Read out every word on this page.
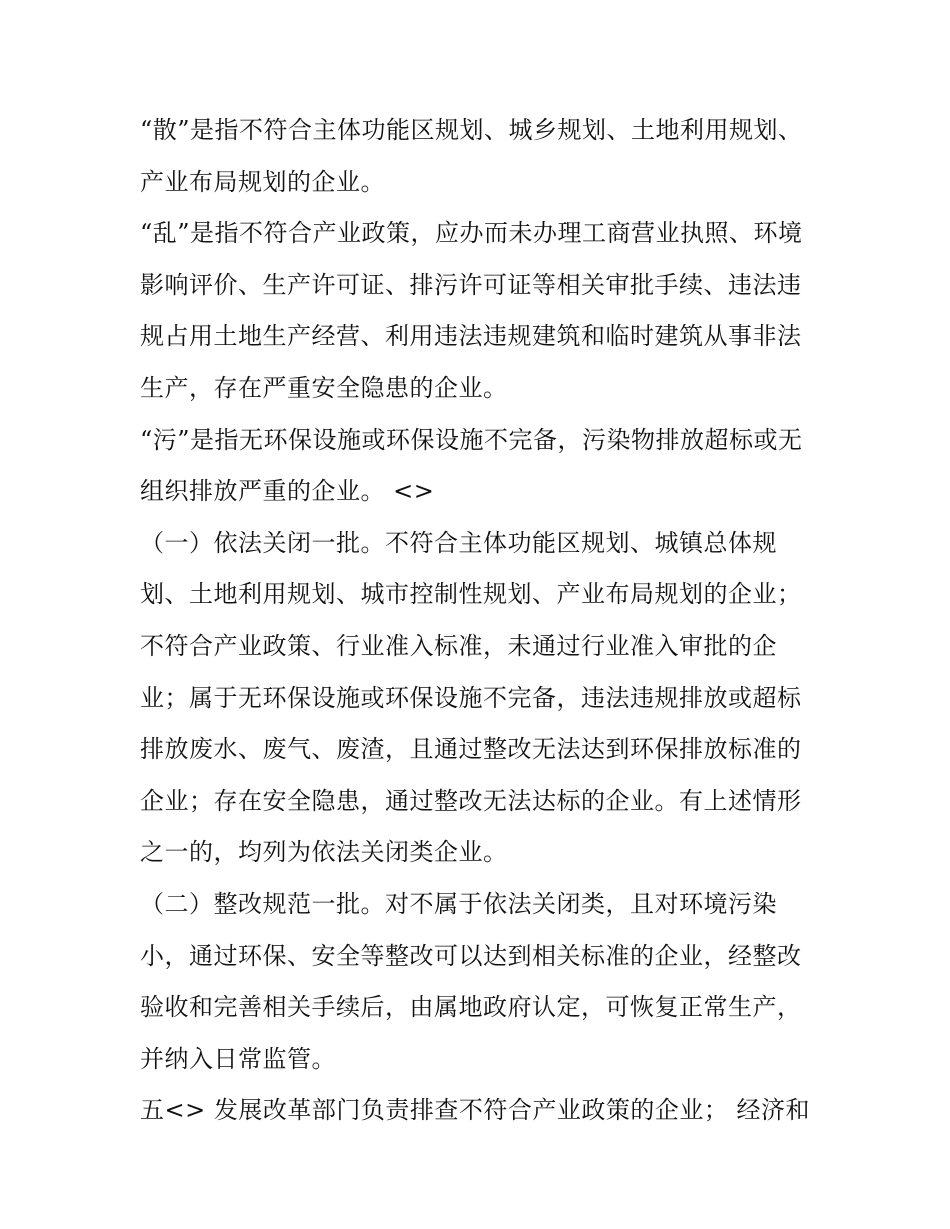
“散”是指不符合主体功能区规划、城乡规划、土地利用规划、
产业布局规划的企业。
“乱”是指不符合产业政策，应办而未办理工商营业执照、环境
影响评价、生产许可证、排污许可证等相关审批手续、违法违
规占用土地生产经营、利用违法违规建筑和临时建筑从事非法
生产，存在严重安全隐患的企业。
“污”是指无环保设施或环保设施不完备，污染物排放超标或无
组织排放严重的企业。 <>
（一）依法关闭一批。不符合主体功能区规划、城镇总体规
划、土地利用规划、城市控制性规划、产业布局规划的企业；
不符合产业政策、行业准入标准，未通过行业准入审批的企
业；属于无环保设施或环保设施不完备，违法违规排放或超标
排放废水、废气、废渣，且通过整改无法达到环保排放标准的
企业；存在安全隐患，通过整改无法达标的企业。有上述情形
之一的，均列为依法关闭类企业。
（二）整改规范一批。对不属于依法关闭类，且对环境污染
小，通过环保、安全等整改可以达到相关标准的企业，经整改
验收和完善相关手续后，由属地政府认定，可恢复正常生产，
并纳入日常监管。
五<> 发展改革部门负责排查不符合产业政策的企业； 经济和
